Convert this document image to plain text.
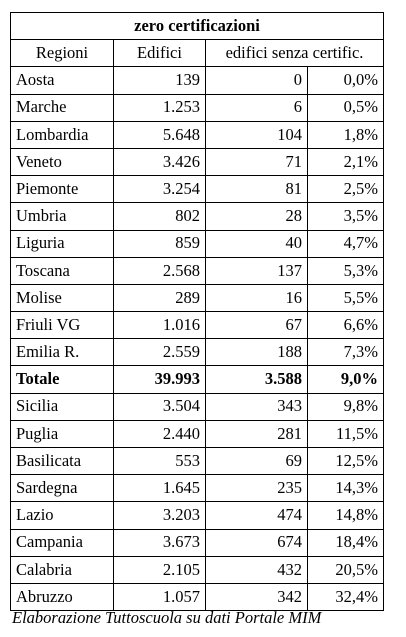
zero certificazioni			
Regioni	Edifici	edifici senza certific.	
Aosta	139	0	0,0%
Marche	1.253	6	0,5%
Lombardia	5.648	104	1,8%
Veneto	3.426	71	2,1%
Piemonte	3.254	81	2,5%
Umbria	802	28	3,5%
Liguria	859	40	4,7%
Toscana	2.568	137	5,3%
Molise	289	16	5,5%
Friuli VG	1.016	67	6,6%
Emilia R.	2.559	188	7,3%
Totale	39.993	3.588	9,0%
Sicilia	3.504	343	9,8%
Puglia	2.440	281	11,5%
Basilicata	553	69	12,5%
Sardegna	1.645	235	14,3%
Lazio	3.203	474	14,8%
Campania	3.673	674	18,4%
Calabria	2.105	432	20,5%
Abruzzo	1.057	342	32,4%
Elaborazione Tuttoscuola su dati Portale MIM
